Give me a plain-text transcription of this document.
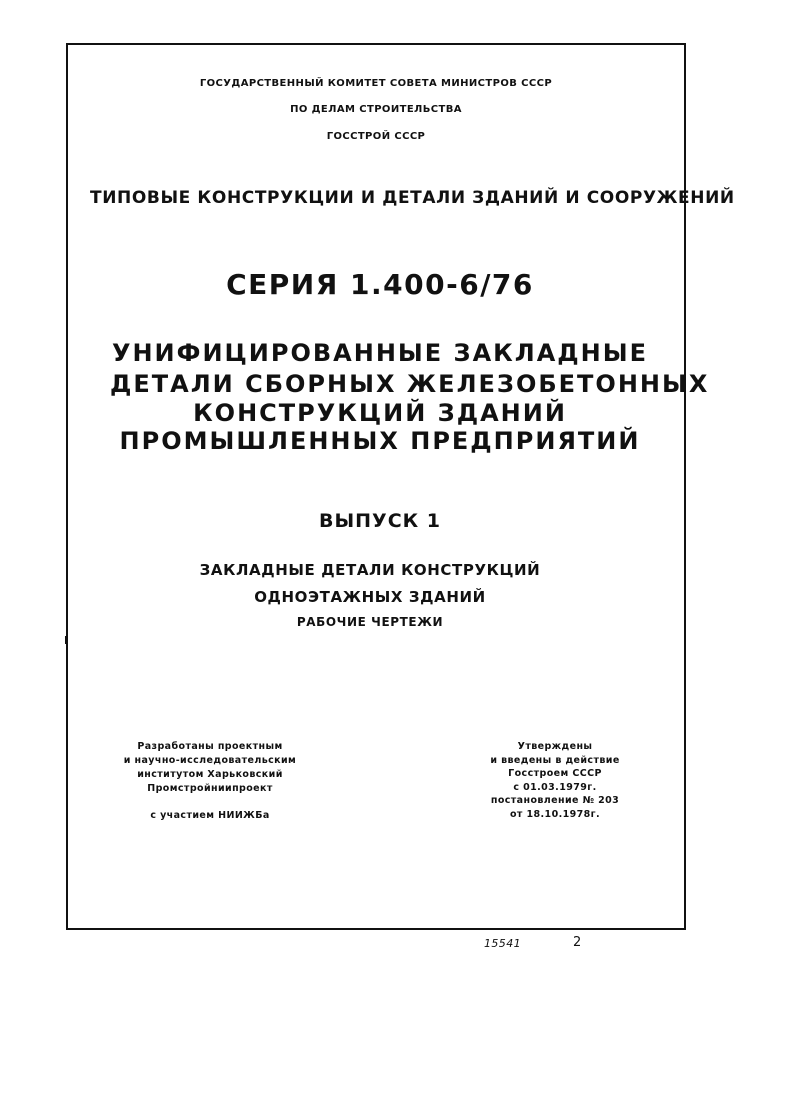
ГОСУДАРСТВЕННЫЙ КОМИТЕТ СОВЕТА МИНИСТРОВ СССР
ПО ДЕЛАМ СТРОИТЕЛЬСТВА
ГОССТРОЙ СССР
ТИПОВЫЕ КОНСТРУКЦИИ И ДЕТАЛИ ЗДАНИЙ И СООРУЖЕНИЙ
СЕРИЯ 1.400-6/76
УНИФИЦИРОВАННЫЕ ЗАКЛАДНЫЕ
ДЕТАЛИ СБОРНЫХ ЖЕЛЕЗОБЕТОННЫХ
КОНСТРУКЦИЙ ЗДАНИЙ
ПРОМЫШЛЕННЫХ ПРЕДПРИЯТИЙ
ВЫПУСК 1
ЗАКЛАДНЫЕ ДЕТАЛИ КОНСТРУКЦИЙ
ОДНОЭТАЖНЫХ ЗДАНИЙ
РАБОЧИЕ ЧЕРТЕЖИ
Разработаны проектным
и научно-исследовательским
институтом Харьковский
Промстройниипроект
с участием НИИЖБа
Утверждены
и введены в действие
Госстроем СССР
с 01.03.1979г.
постановление № 203
от 18.10.1978г.
15541	2
